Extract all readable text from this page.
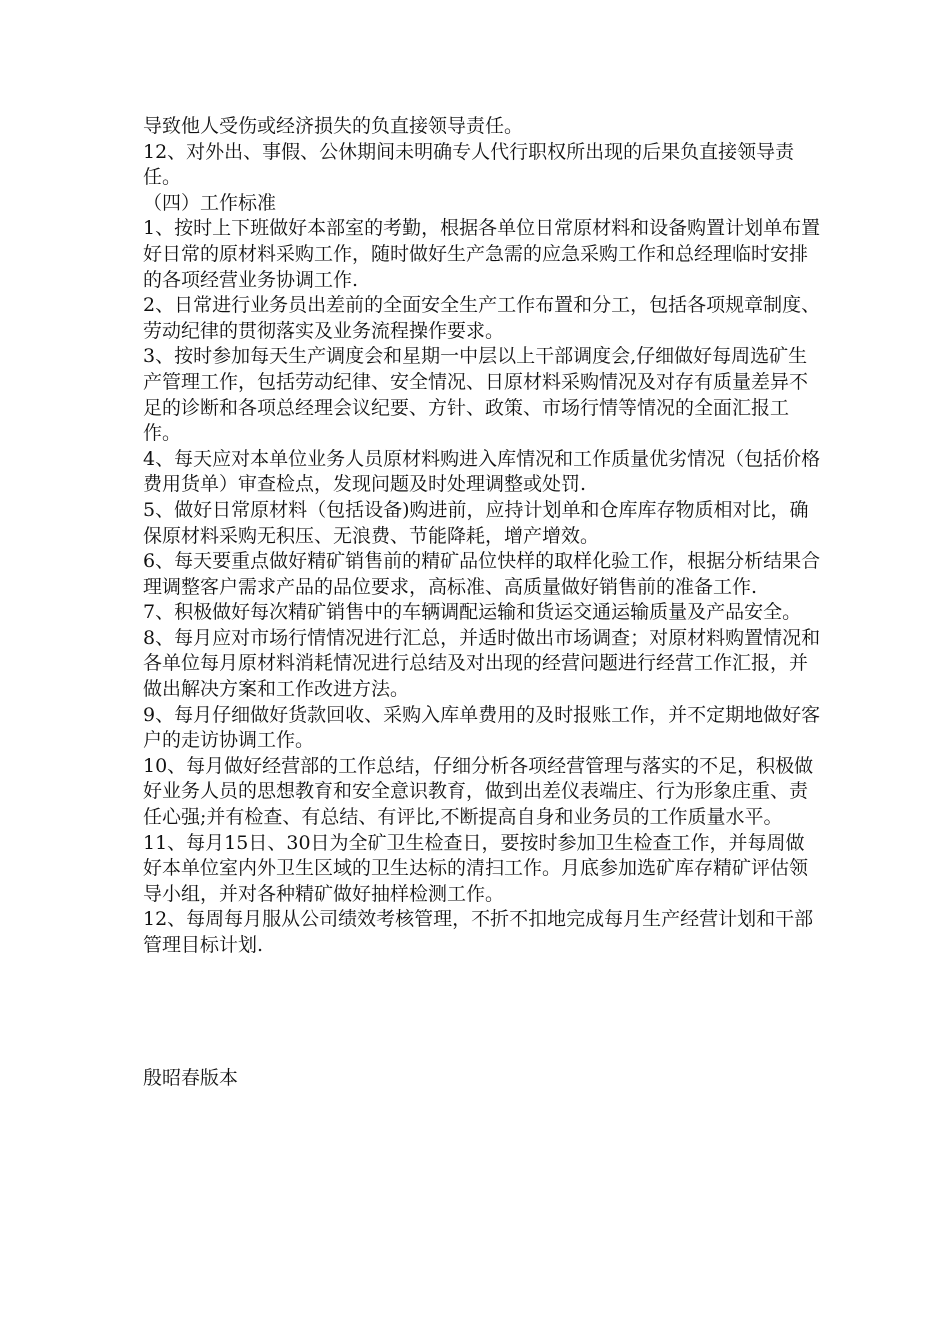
导致他人受伤或经济损失的负直接领导责任。

12、对外出、事假、公休期间未明确专人代行职权所出现的后果负直接领导责任。

（四）工作标准

1、按时上下班做好本部室的考勤，根据各单位日常原材料和设备购置计划单布置好日常的原材料采购工作，随时做好生产急需的应急采购工作和总经理临时安排的各项经营业务协调工作.

2、日常进行业务员出差前的全面安全生产工作布置和分工，包括各项规章制度、劳动纪律的贯彻落实及业务流程操作要求。

3、按时参加每天生产调度会和星期一中层以上干部调度会,仔细做好每周选矿生产管理工作，包括劳动纪律、安全情况、日原材料采购情况及对存有质量差异不足的诊断和各项总经理会议纪要、方针、政策、市场行情等情况的全面汇报工作。

4、每天应对本单位业务人员原材料购进入库情况和工作质量优劣情况（包括价格费用货单）审查检点，发现问题及时处理调整或处罚.

5、做好日常原材料（包括设备)购进前，应持计划单和仓库库存物质相对比，确保原材料采购无积压、无浪费、节能降耗，增产增效。

6、每天要重点做好精矿销售前的精矿品位快样的取样化验工作，根据分析结果合理调整客户需求产品的品位要求，高标准、高质量做好销售前的准备工作.

7、积极做好每次精矿销售中的车辆调配运输和货运交通运输质量及产品安全。

8、每月应对市场行情情况进行汇总，并适时做出市场调查；对原材料购置情况和各单位每月原材料消耗情况进行总结及对出现的经营问题进行经营工作汇报，并做出解决方案和工作改进方法。

9、每月仔细做好货款回收、采购入库单费用的及时报账工作，并不定期地做好客户的走访协调工作。

10、每月做好经营部的工作总结，仔细分析各项经营管理与落实的不足，积极做好业务人员的思想教育和安全意识教育，做到出差仪表端庄、行为形象庄重、责任心强;并有检查、有总结、有评比,不断提高自身和业务员的工作质量水平。

11、每月15日、30日为全矿卫生检查日，要按时参加卫生检查工作，并每周做好本单位室内外卫生区域的卫生达标的清扫工作。月底参加选矿库存精矿评估领导小组，并对各种精矿做好抽样检测工作。

12、每周每月服从公司绩效考核管理，不折不扣地完成每月生产经营计划和干部管理目标计划.

殷昭春版本
